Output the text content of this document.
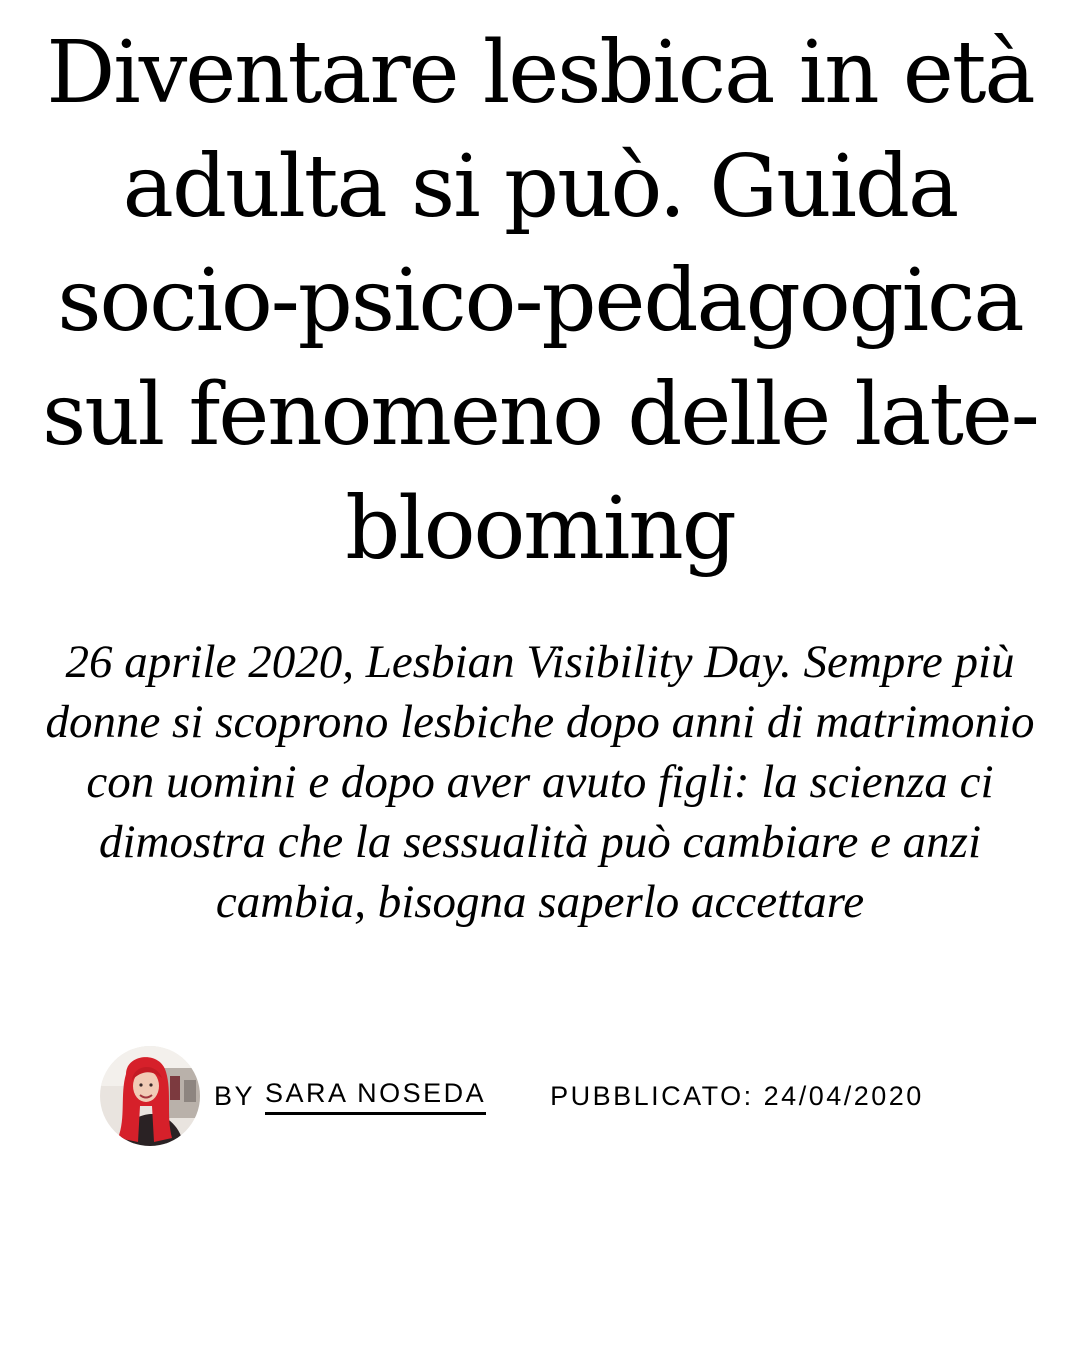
Diventare lesbica in età adulta si può. Guida socio-psico-pedagogica sul fenomeno delle late-blooming

26 aprile 2020, Lesbian Visibility Day. Sempre più donne si scoprono lesbiche dopo anni di matrimonio con uomini e dopo aver avuto figli: la scienza ci dimostra che la sessualità può cambiare e anzi cambia, bisogna saperlo accettare

BY SARA NOSEDA PUBBLICATO: 24/04/2020
